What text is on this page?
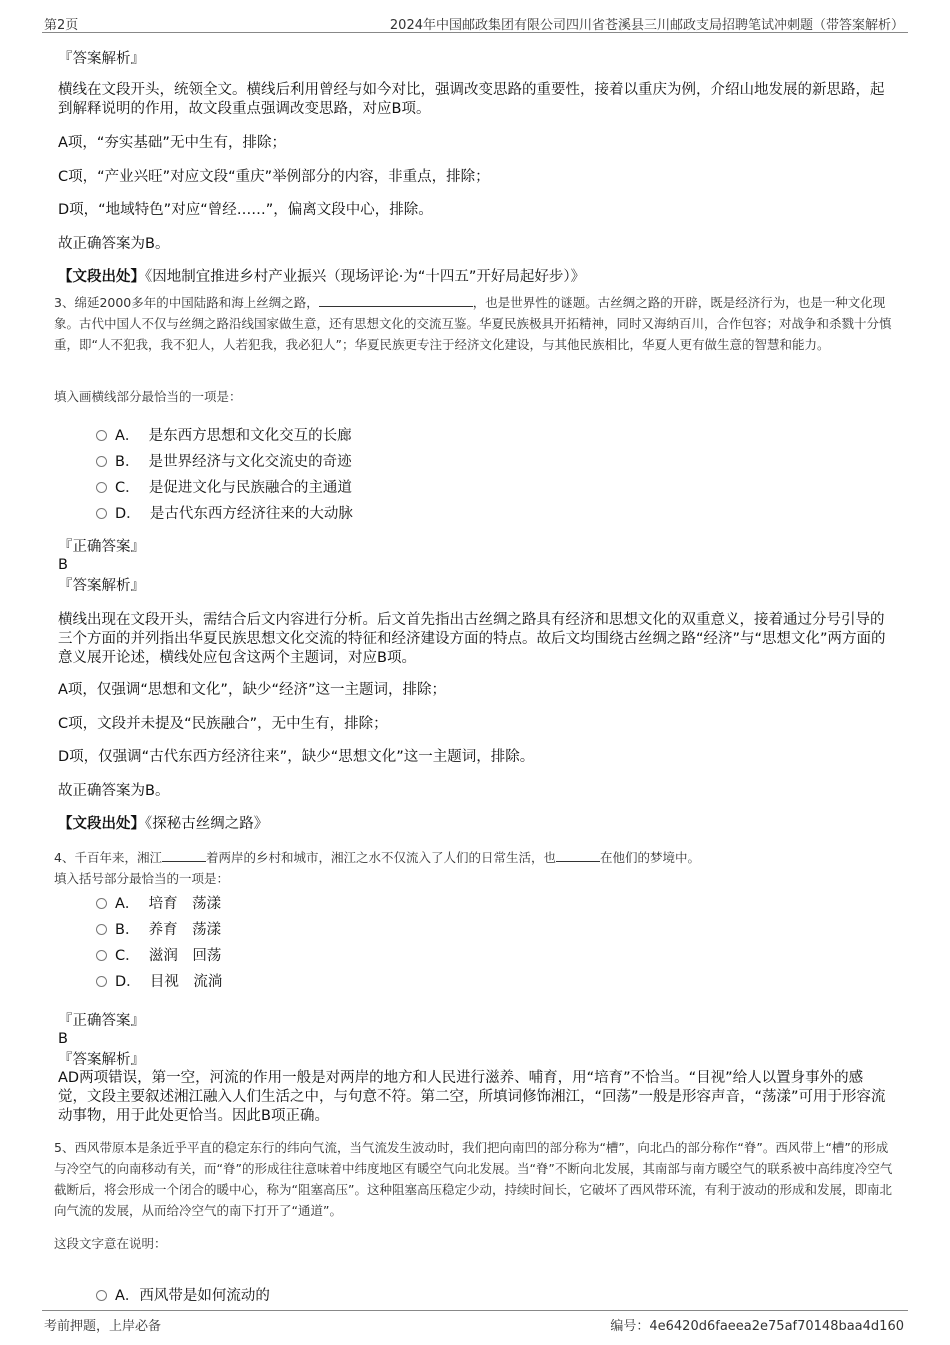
第2页	2024年中国邮政集团有限公司四川省苍溪县三川邮政支局招聘笔试冲刺题（带答案解析）
『答案解析』
横线在文段开头，统领全文。横线后利用曾经与如今对比，强调改变思路的重要性，接着以重庆为例，介绍山地发展的新思路，起到解释说明的作用，故文段重点强调改变思路，对应B项。
A项，“夯实基础”无中生有，排除；
C项，“产业兴旺”对应文段“重庆”举例部分的内容，非重点，排除；
D项，“地域特色”对应“曾经……”，偏离文段中心，排除。
故正确答案为B。
【文段出处】《因地制宜推进乡村产业振兴（现场评论·为“十四五”开好局起好步）》
3、绵延2000多年的中国陆路和海上丝绸之路，	，也是世界性的谜题。古丝绸之路的开辟，既是经济行为，也是一种文化现象。古代中国人不仅与丝绸之路沿线国家做生意，还有思想文化的交流互鉴。华夏民族极具开拓精神，同时又海纳百川，合作包容；对战争和杀戮十分慎重，即“人不犯我，我不犯人，人若犯我，我必犯人”；华夏民族更专注于经济文化建设，与其他民族相比，华夏人更有做生意的智慧和能力。
填入画横线部分最恰当的一项是：
A． 是东西方思想和文化交互的长廊
B． 是世界经济与文化交流史的奇迹
C． 是促进文化与民族融合的主通道
D． 是古代东西方经济往来的大动脉
『正确答案』
B
『答案解析』
横线出现在文段开头，需结合后文内容进行分析。后文首先指出古丝绸之路具有经济和思想文化的双重意义，接着通过分号引导的三个方面的并列指出华夏民族思想文化交流的特征和经济建设方面的特点。故后文均围绕古丝绸之路“经济”与“思想文化”两方面的意义展开论述，横线处应包含这两个主题词，对应B项。
A项，仅强调“思想和文化”，缺少“经济”这一主题词，排除；
C项，文段并未提及“民族融合”，无中生有，排除；
D项，仅强调“古代东西方经济往来”，缺少“思想文化”这一主题词，排除。
故正确答案为B。
【文段出处】《探秘古丝绸之路》
4、千百年来，湘江	着两岸的乡村和城市，湘江之水不仅流入了人们的日常生活，也	在他们的梦境中。
填入括号部分最恰当的一项是：
A． 培育　荡漾
B． 养育　荡漾
C． 滋润　回荡
D． 目视　流淌
『正确答案』
B
『答案解析』
AD两项错误，第一空，河流的作用一般是对两岸的地方和人民进行滋养、哺育，用“培育”不恰当。“目视”给人以置身事外的感觉，文段主要叙述湘江融入人们生活之中，与句意不符。第二空，所填词修饰湘江，“回荡”一般是形容声音，“荡漾”可用于形容流动事物，用于此处更恰当。因此B项正确。
5、西风带原本是条近乎平直的稳定东行的纬向气流，当气流发生波动时，我们把向南凹的部分称为“槽”，向北凸的部分称作“脊”。西风带上“槽”的形成与冷空气的向南移动有关，而“脊”的形成往往意味着中纬度地区有暖空气向北发展。当“脊”不断向北发展，其南部与南方暖空气的联系被中高纬度冷空气截断后，将会形成一个闭合的暖中心，称为“阻塞高压”。这种阻塞高压稳定少动，持续时间长，它破坏了西风带环流，有利于波动的形成和发展，即南北向气流的发展，从而给冷空气的南下打开了“通道”。
这段文字意在说明：
A．西风带是如何流动的
考前押题，上岸必备	编号：4e6420d6faeea2e75af70148baa4d160
